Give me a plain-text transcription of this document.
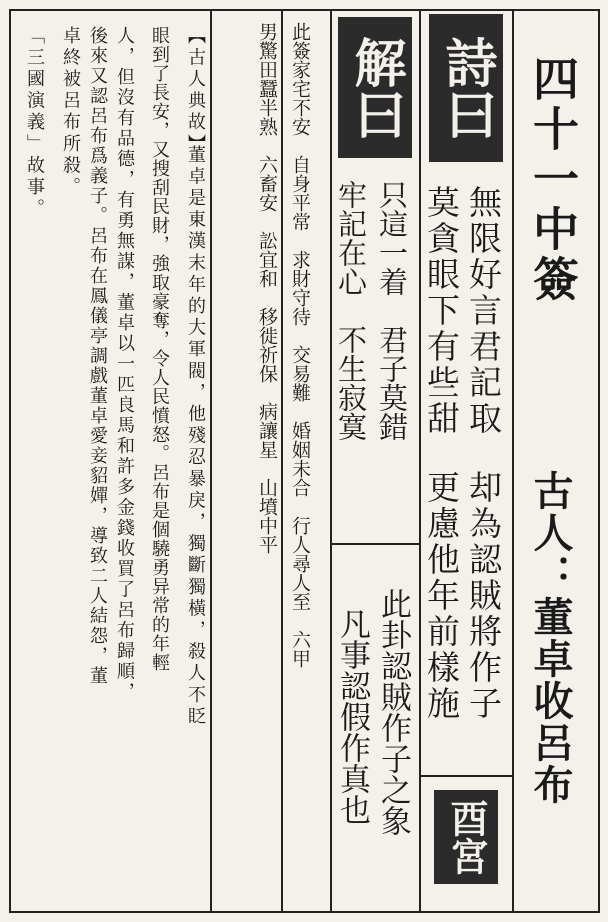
四十一中簽
古人：董卓收呂布
詩曰
無限好言君記取
莫貪眼下有些甜
却為認賊將作子
更慮他年前樣施
酉宮
解曰
只這一着　君子莫錯
牢記在心　不生寂寞
此卦認賊作子之象
凡事認假作真也
此簽家宅不安　自身平常　求財守待　交易難　婚姻未合　行人尋人至　六甲
男驚田蠶半熟　六畜安　訟宜和　移徙祈保　病讓星　山墳中平
【古人典故】
董卓是東漢末年的大軍閥，他殘忍暴戾，獨斷獨橫，殺人不眨
眼到了長安，又搜刮民財，強取豪奪，令人民憤怒。呂布是個驍勇异常的年輕
人，但沒有品德，有勇無謀，董卓以一匹良馬和許多金錢收買了呂布歸順，
後來又認呂布爲義子。呂布在鳳儀亭調戲董卓愛妾貂嬋，導致二人結怨，董
卓終被呂布所殺。
「三國演義」故事。
